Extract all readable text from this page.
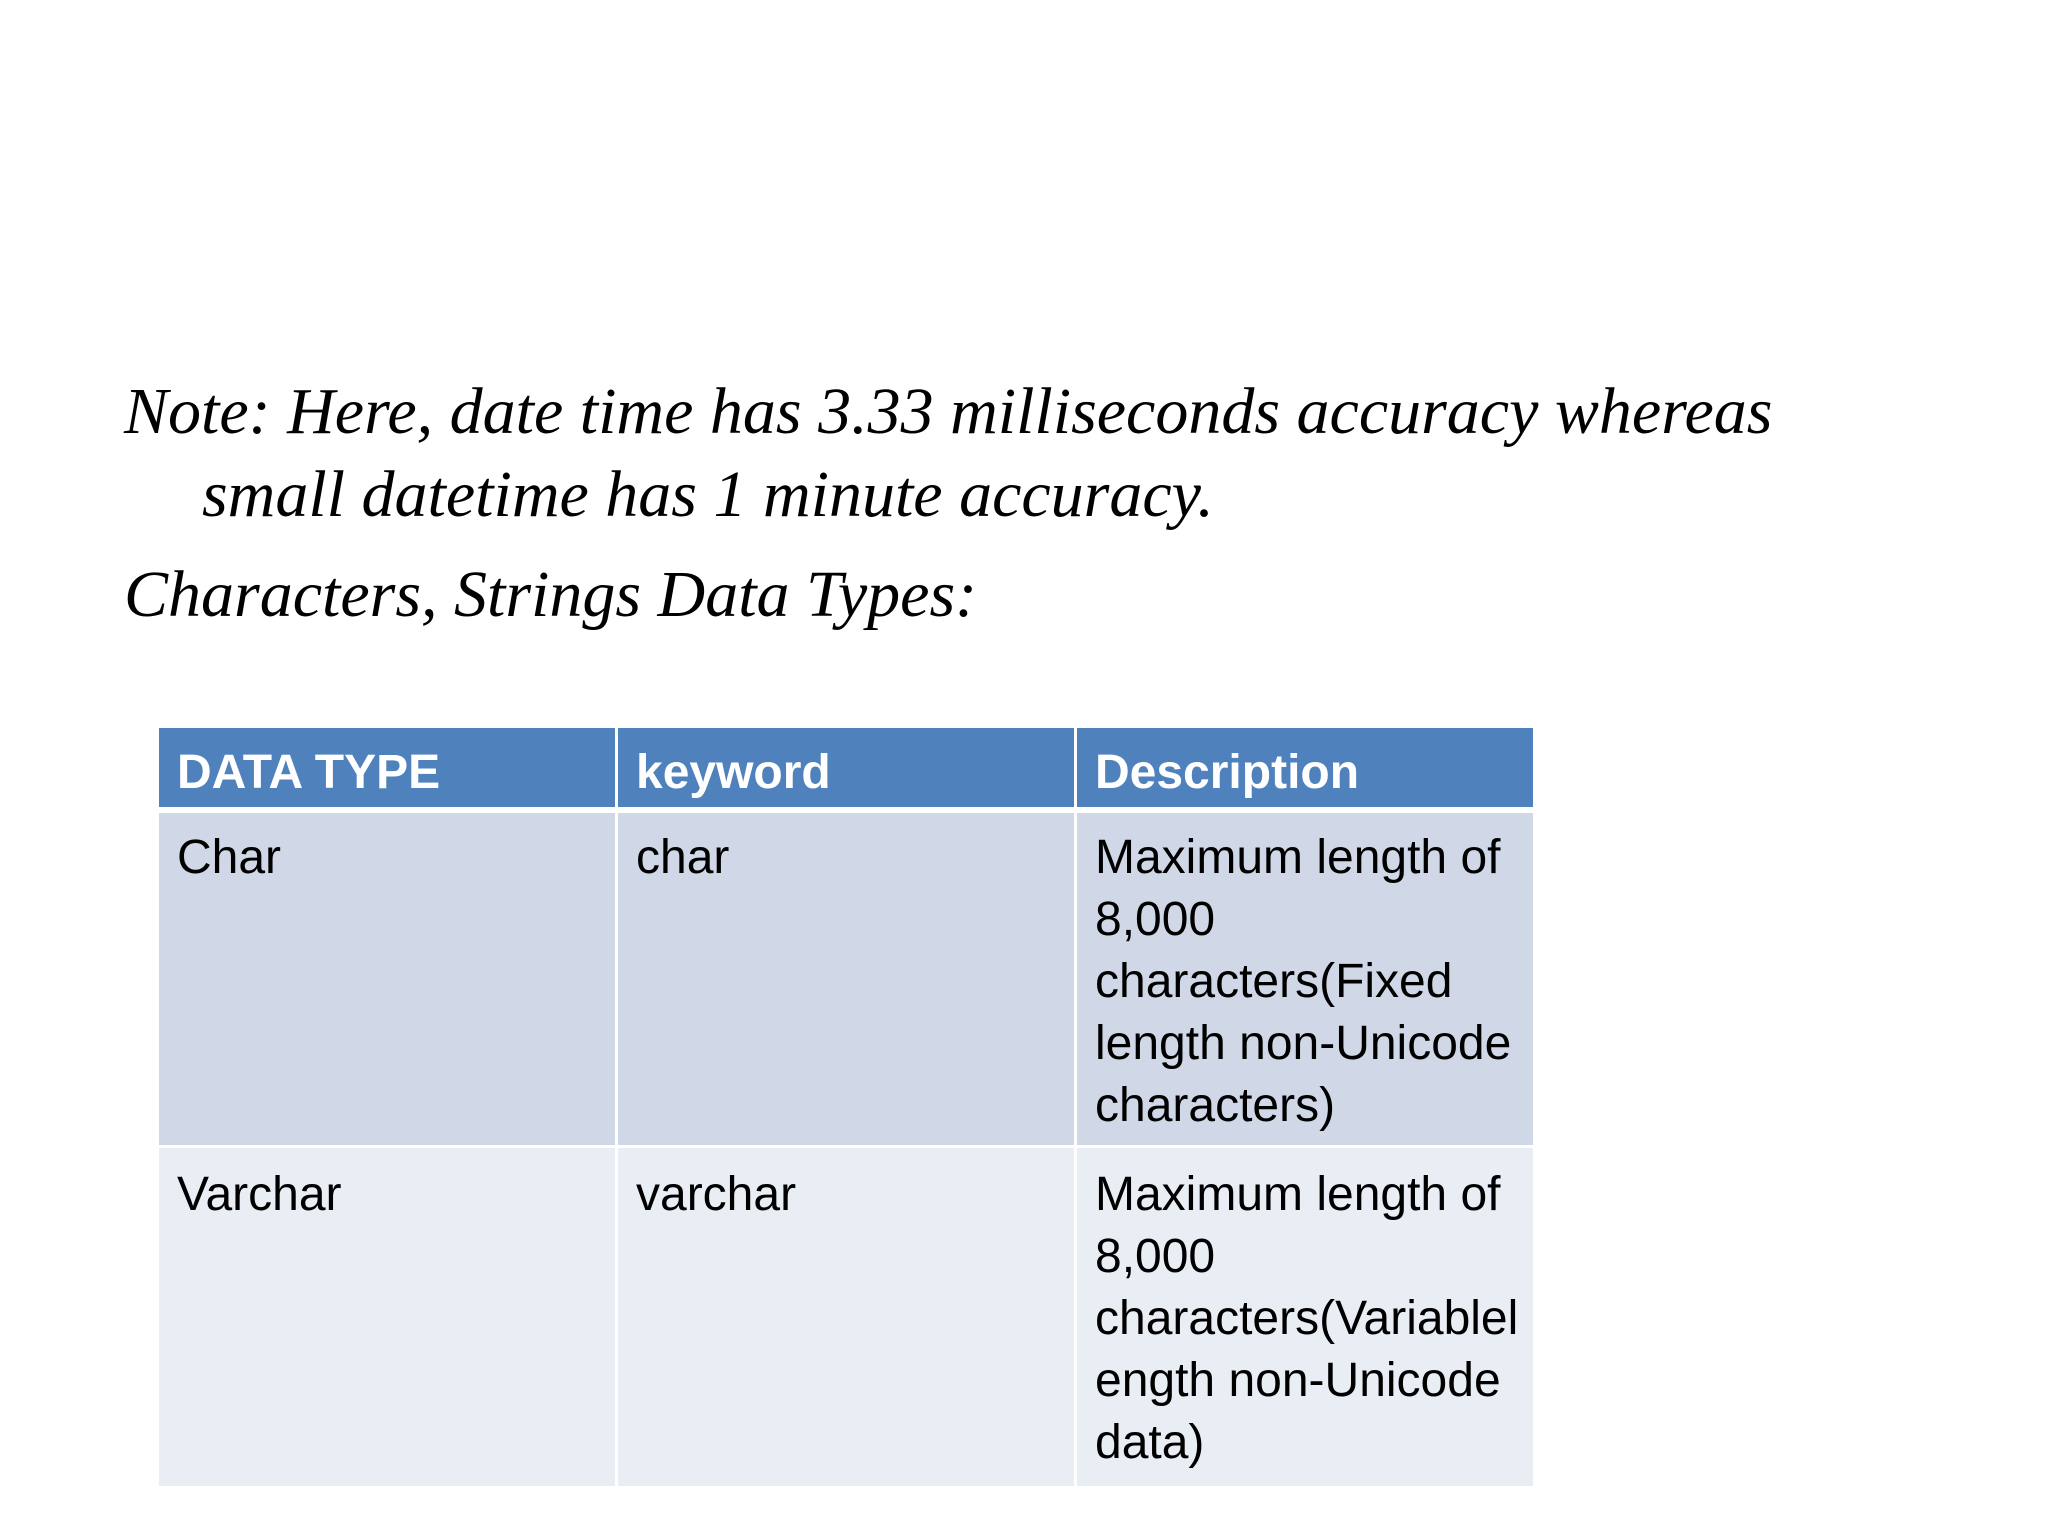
Note: Here, date time has 3.33 milliseconds accuracy whereas small datetime has 1 minute accuracy.

Characters, Strings Data Types:

DATA TYPE	keyword	Description
Char	char	Maximum length of 8,000 characters(Fixed length non-Unicode characters)
Varchar	varchar	Maximum length of 8,000 characters(Variablel ength non-Unicode data)
